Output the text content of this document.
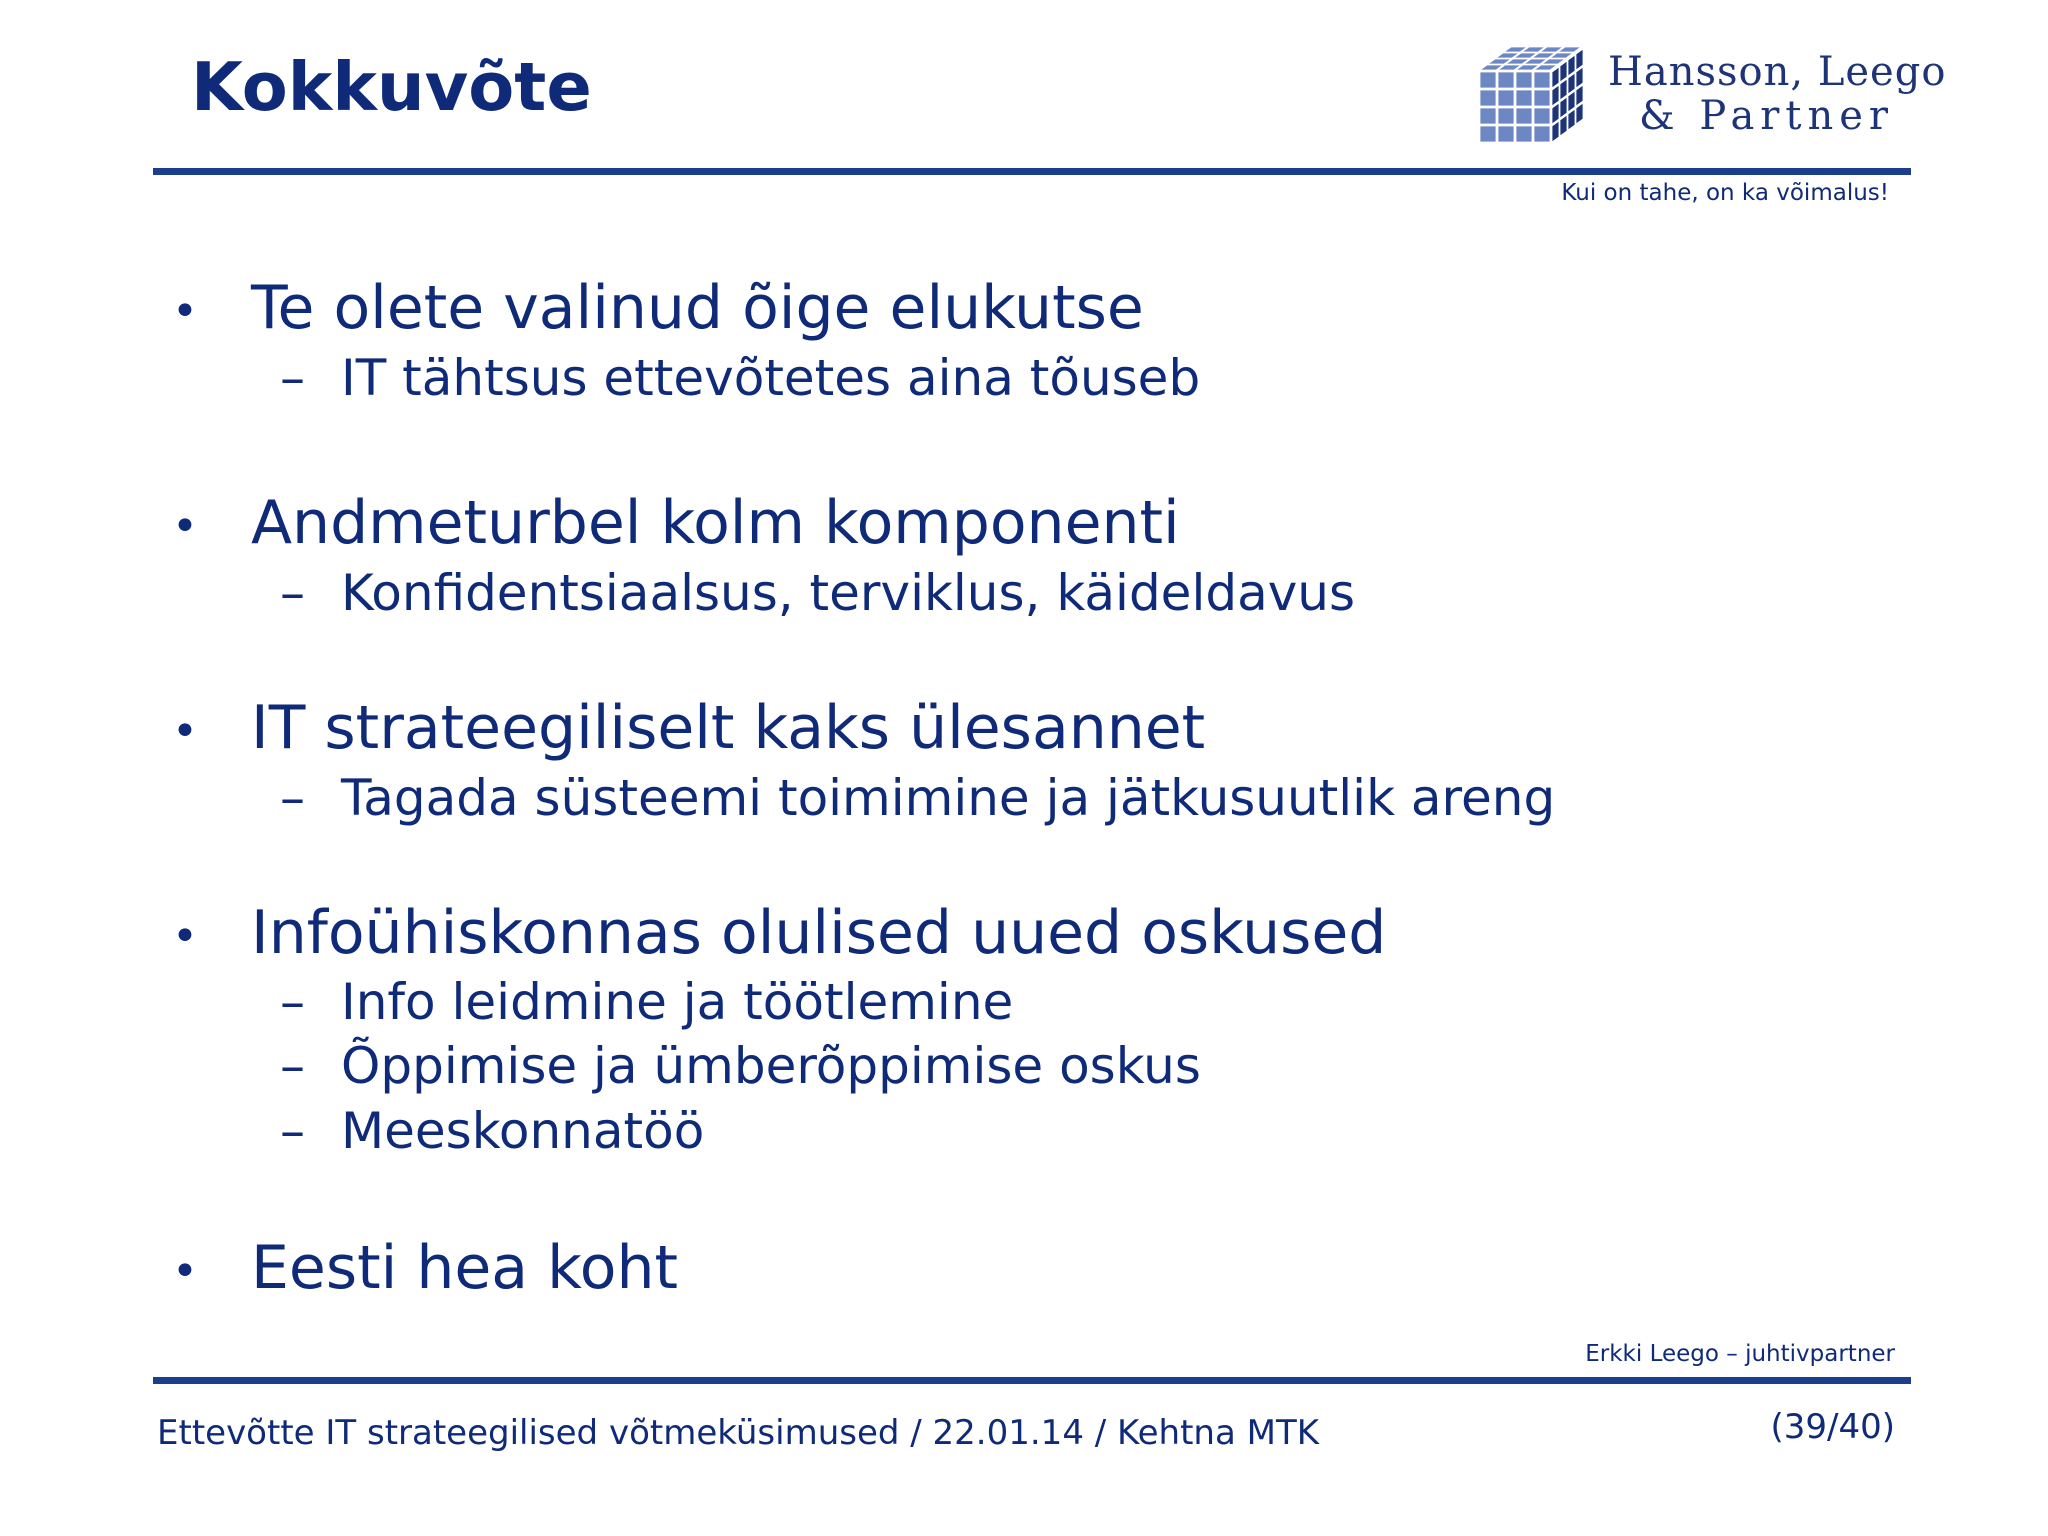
Kokkuvõte	Hansson, Leego
& Partner
Kui on tahe, on ka võimalus!
• Te olete valinud õige elukutse
– IT tähtsus ettevõtetes aina tõuseb
• Andmeturbel kolm komponenti
– Konfidentsiaalsus, terviklus, käideldavus
• IT strateegiliselt kaks ülesannet
– Tagada süsteemi toimimine ja jätkusuutlik areng
• Infoühiskonnas olulised uued oskused
– Info leidmine ja töötlemine
– Õppimise ja ümberõppimise oskus
– Meeskonnatöö
• Eesti hea koht
Erkki Leego – juhtivpartner
Ettevõtte IT strateegilised võtmeküsimused / 22.01.14 / Kehtna MTK	(39/40)
